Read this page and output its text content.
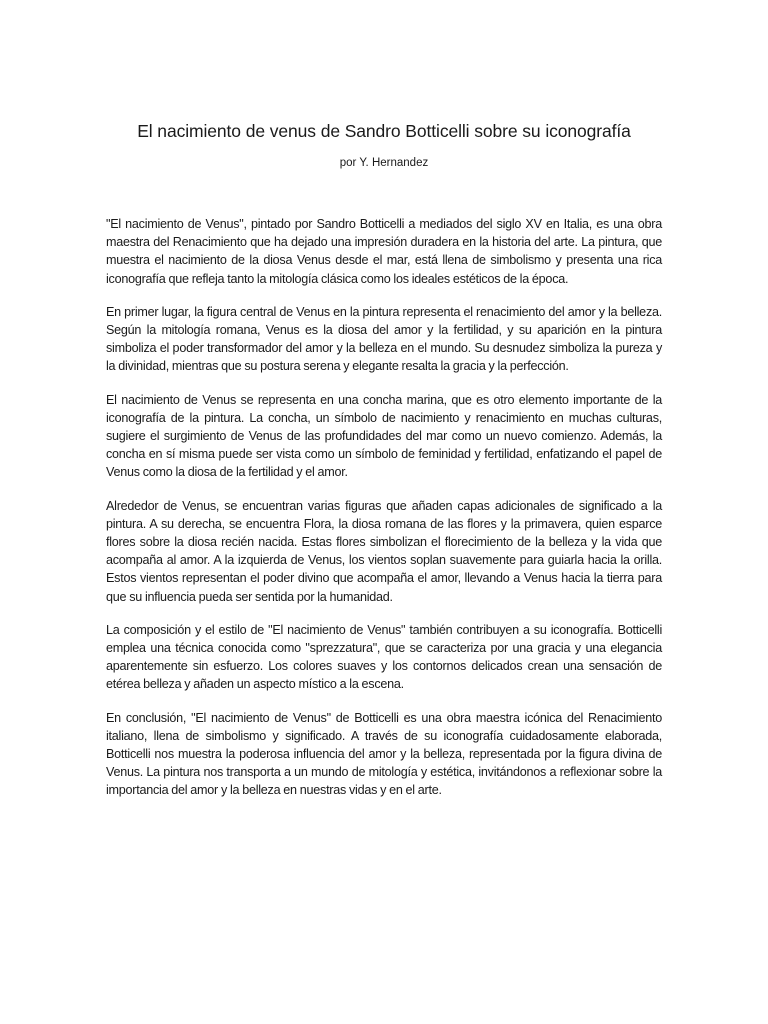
El nacimiento de venus de Sandro Botticelli sobre su iconografía
por Y. Hernandez

"El nacimiento de Venus", pintado por Sandro Botticelli a mediados del siglo XV en Italia, es una obra maestra del Renacimiento que ha dejado una impresión duradera en la historia del arte. La pintura, que muestra el nacimiento de la diosa Venus desde el mar, está llena de simbolismo y presenta una rica iconografía que refleja tanto la mitología clásica como los ideales estéticos de la época.

En primer lugar, la figura central de Venus en la pintura representa el renacimiento del amor y la belleza. Según la mitología romana, Venus es la diosa del amor y la fertilidad, y su aparición en la pintura simboliza el poder transformador del amor y la belleza en el mundo. Su desnudez simboliza la pureza y la divinidad, mientras que su postura serena y elegante resalta la gracia y la perfección.

El nacimiento de Venus se representa en una concha marina, que es otro elemento importante de la iconografía de la pintura. La concha, un símbolo de nacimiento y renacimiento en muchas culturas, sugiere el surgimiento de Venus de las profundidades del mar como un nuevo comienzo. Además, la concha en sí misma puede ser vista como un símbolo de feminidad y fertilidad, enfatizando el papel de Venus como la diosa de la fertilidad y el amor.

Alrededor de Venus, se encuentran varias figuras que añaden capas adicionales de significado a la pintura. A su derecha, se encuentra Flora, la diosa romana de las flores y la primavera, quien esparce flores sobre la diosa recién nacida. Estas flores simbolizan el florecimiento de la belleza y la vida que acompaña al amor. A la izquierda de Venus, los vientos soplan suavemente para guiarla hacia la orilla. Estos vientos representan el poder divino que acompaña el amor, llevando a Venus hacia la tierra para que su influencia pueda ser sentida por la humanidad.

La composición y el estilo de "El nacimiento de Venus" también contribuyen a su iconografía. Botticelli emplea una técnica conocida como "sprezzatura", que se caracteriza por una gracia y una elegancia aparentemente sin esfuerzo. Los colores suaves y los contornos delicados crean una sensación de etérea belleza y añaden un aspecto místico a la escena.

En conclusión, "El nacimiento de Venus" de Botticelli es una obra maestra icónica del Renacimiento italiano, llena de simbolismo y significado. A través de su iconografía cuidadosamente elaborada, Botticelli nos muestra la poderosa influencia del amor y la belleza, representada por la figura divina de Venus. La pintura nos transporta a un mundo de mitología y estética, invitándonos a reflexionar sobre la importancia del amor y la belleza en nuestras vidas y en el arte.
